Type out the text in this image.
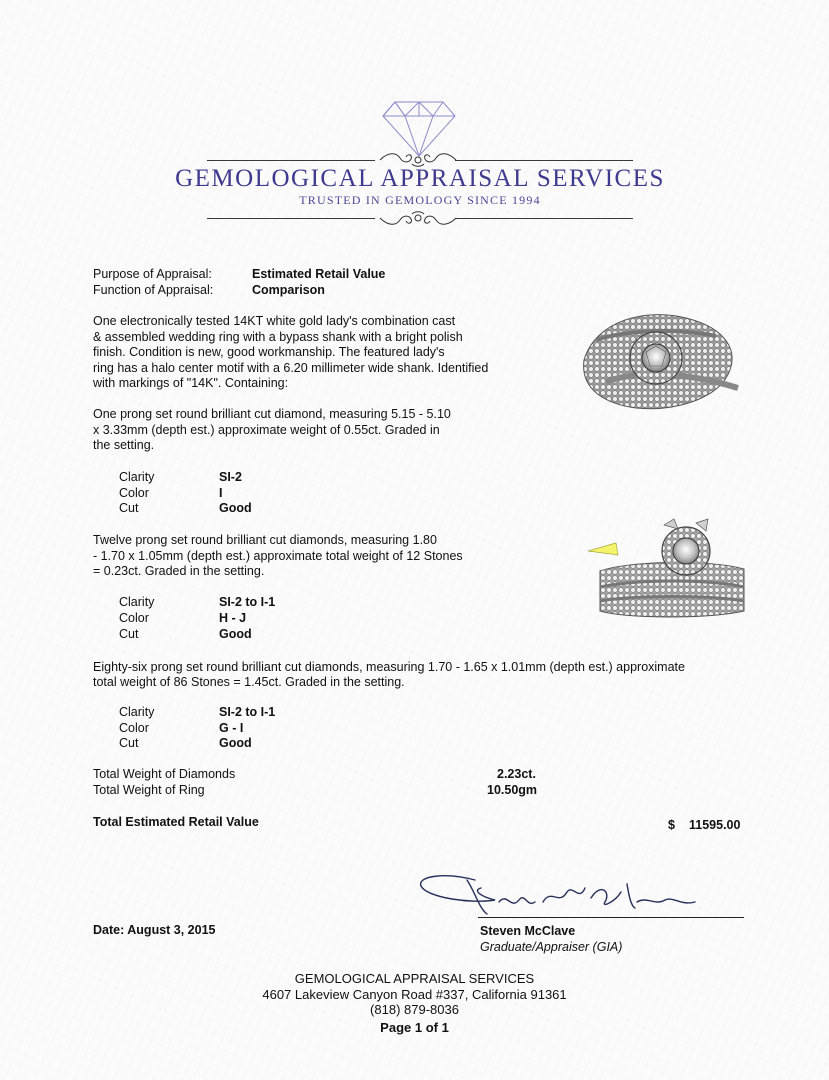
GEMOLOGICAL APPRAISAL SERVICES
TRUSTED IN GEMOLOGY SINCE 1994
Purpose of Appraisal:	Estimated Retail Value
Function of Appraisal:	Comparison
One electronically tested 14KT white gold lady's combination cast
& assembled wedding ring with a bypass shank with a bright polish
finish. Condition is new, good workmanship. The featured lady's
ring has a halo center motif with a 6.20 millimeter wide shank. Identified
with markings of "14K". Containing:
One prong set round brilliant cut diamond, measuring 5.15 - 5.10
x 3.33mm (depth est.) approximate weight of 0.55ct. Graded in
the setting.
Clarity	SI-2
Color	I
Cut	Good
Twelve prong set round brilliant cut diamonds, measuring 1.80
- 1.70 x 1.05mm (depth est.) approximate total weight of 12 Stones
= 0.23ct. Graded in the setting.
Clarity	SI-2 to I-1
Color	H - J
Cut	Good
Eighty-six prong set round brilliant cut diamonds, measuring 1.70 - 1.65 x 1.01mm (depth est.) approximate
total weight of 86 Stones = 1.45ct. Graded in the setting.
Clarity	SI-2 to I-1
Color	G - I
Cut	Good
Total Weight of Diamonds	2.23ct.
Total Weight of Ring	10.50gm
Total Estimated Retail Value	$ 11595.00
Date: August 3, 2015	Steven McClave
Graduate/Appraiser (GIA)
GEMOLOGICAL APPRAISAL SERVICES
4607 Lakeview Canyon Road #337, California 91361
(818) 879-8036
Page 1 of 1
